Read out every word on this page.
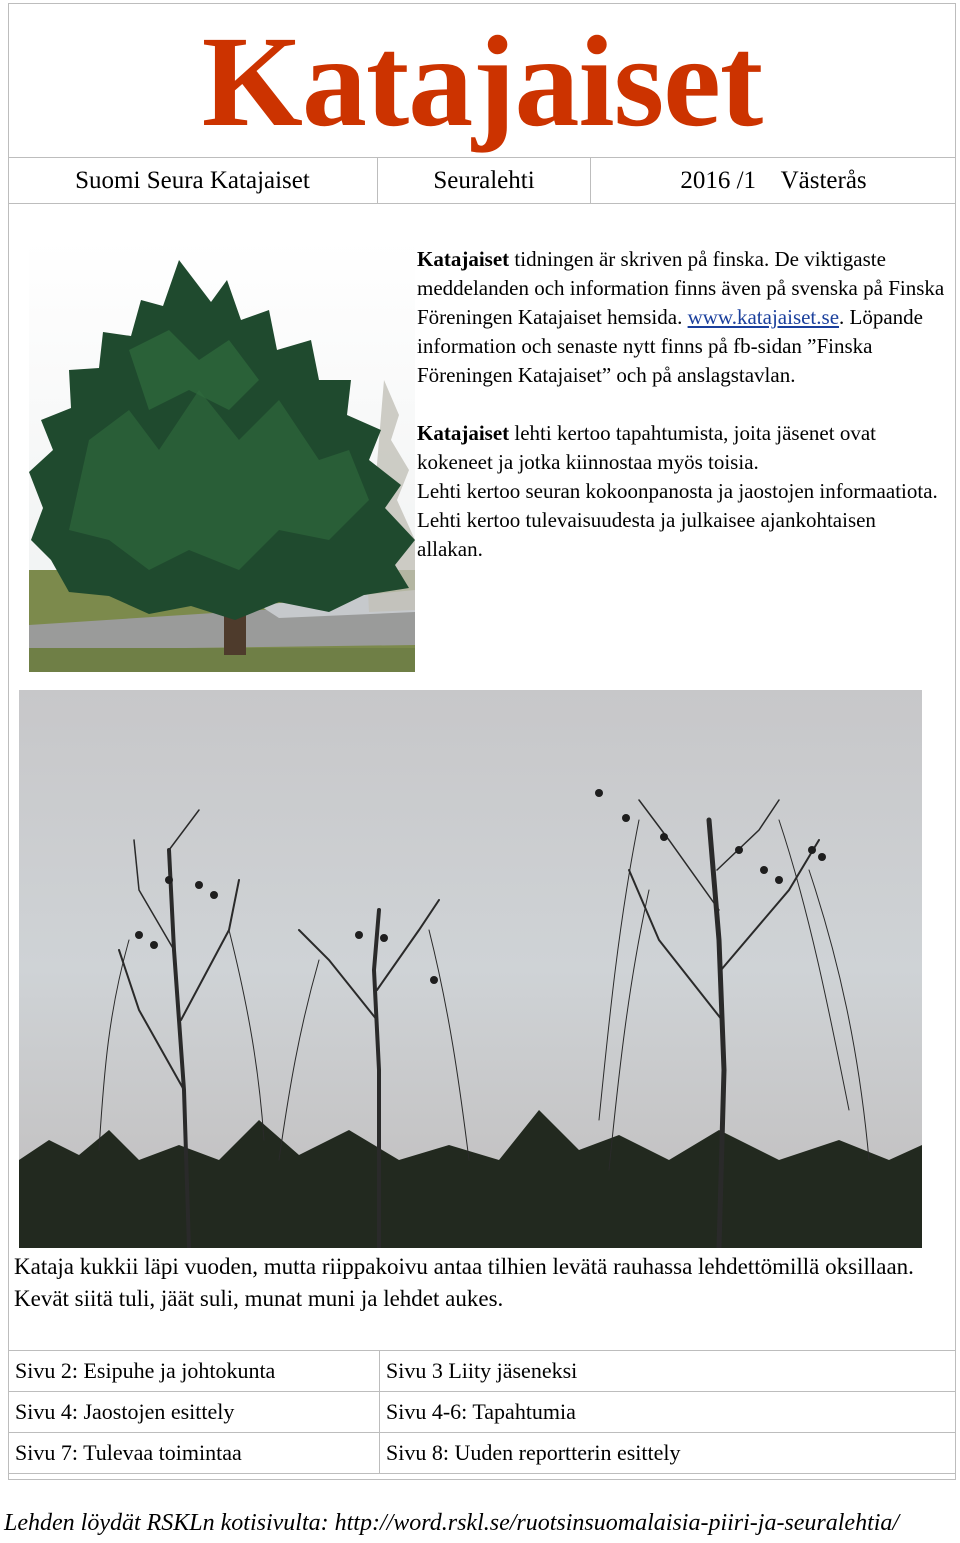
Katajaiset
Suomi Seura Katajaiset	Seuralehti	2016 /1    Västerås

Katajaiset tidningen är skriven på finska. De viktigaste meddelanden och information finns även på svenska på Finska Föreningen Katajaiset hemsida. www.katajaiset.se. Löpande information och senaste nytt finns på fb-sidan ”Finska Föreningen Katajaiset” och på anslagstavlan.

Katajaiset lehti kertoo tapahtumista, joita jäsenet ovat kokeneet ja jotka kiinnostaa myös toisia.
Lehti kertoo seuran kokoonpanosta ja jaostojen informaatiota.
Lehti kertoo tulevaisuudesta ja julkaisee ajankohtaisen allakan.
Kataja kukkii läpi vuoden, mutta riippakoivu antaa tilhien levätä rauhassa lehdettömillä oksillaan. Kevät siitä tuli, jäät suli, munat muni ja lehdet aukes.
Sivu 2: Esipuhe ja johtokunta	Sivu 3 Liity jäseneksi
Sivu 4: Jaostojen esittely	Sivu 4-6: Tapahtumia
Sivu 7: Tulevaa toimintaa	Sivu 8: Uuden reportterin esittely
Lehden löydät RSKLn kotisivulta: http://word.rskl.se/ruotsinsuomalaisia-piiri-ja-seuralehtia/
